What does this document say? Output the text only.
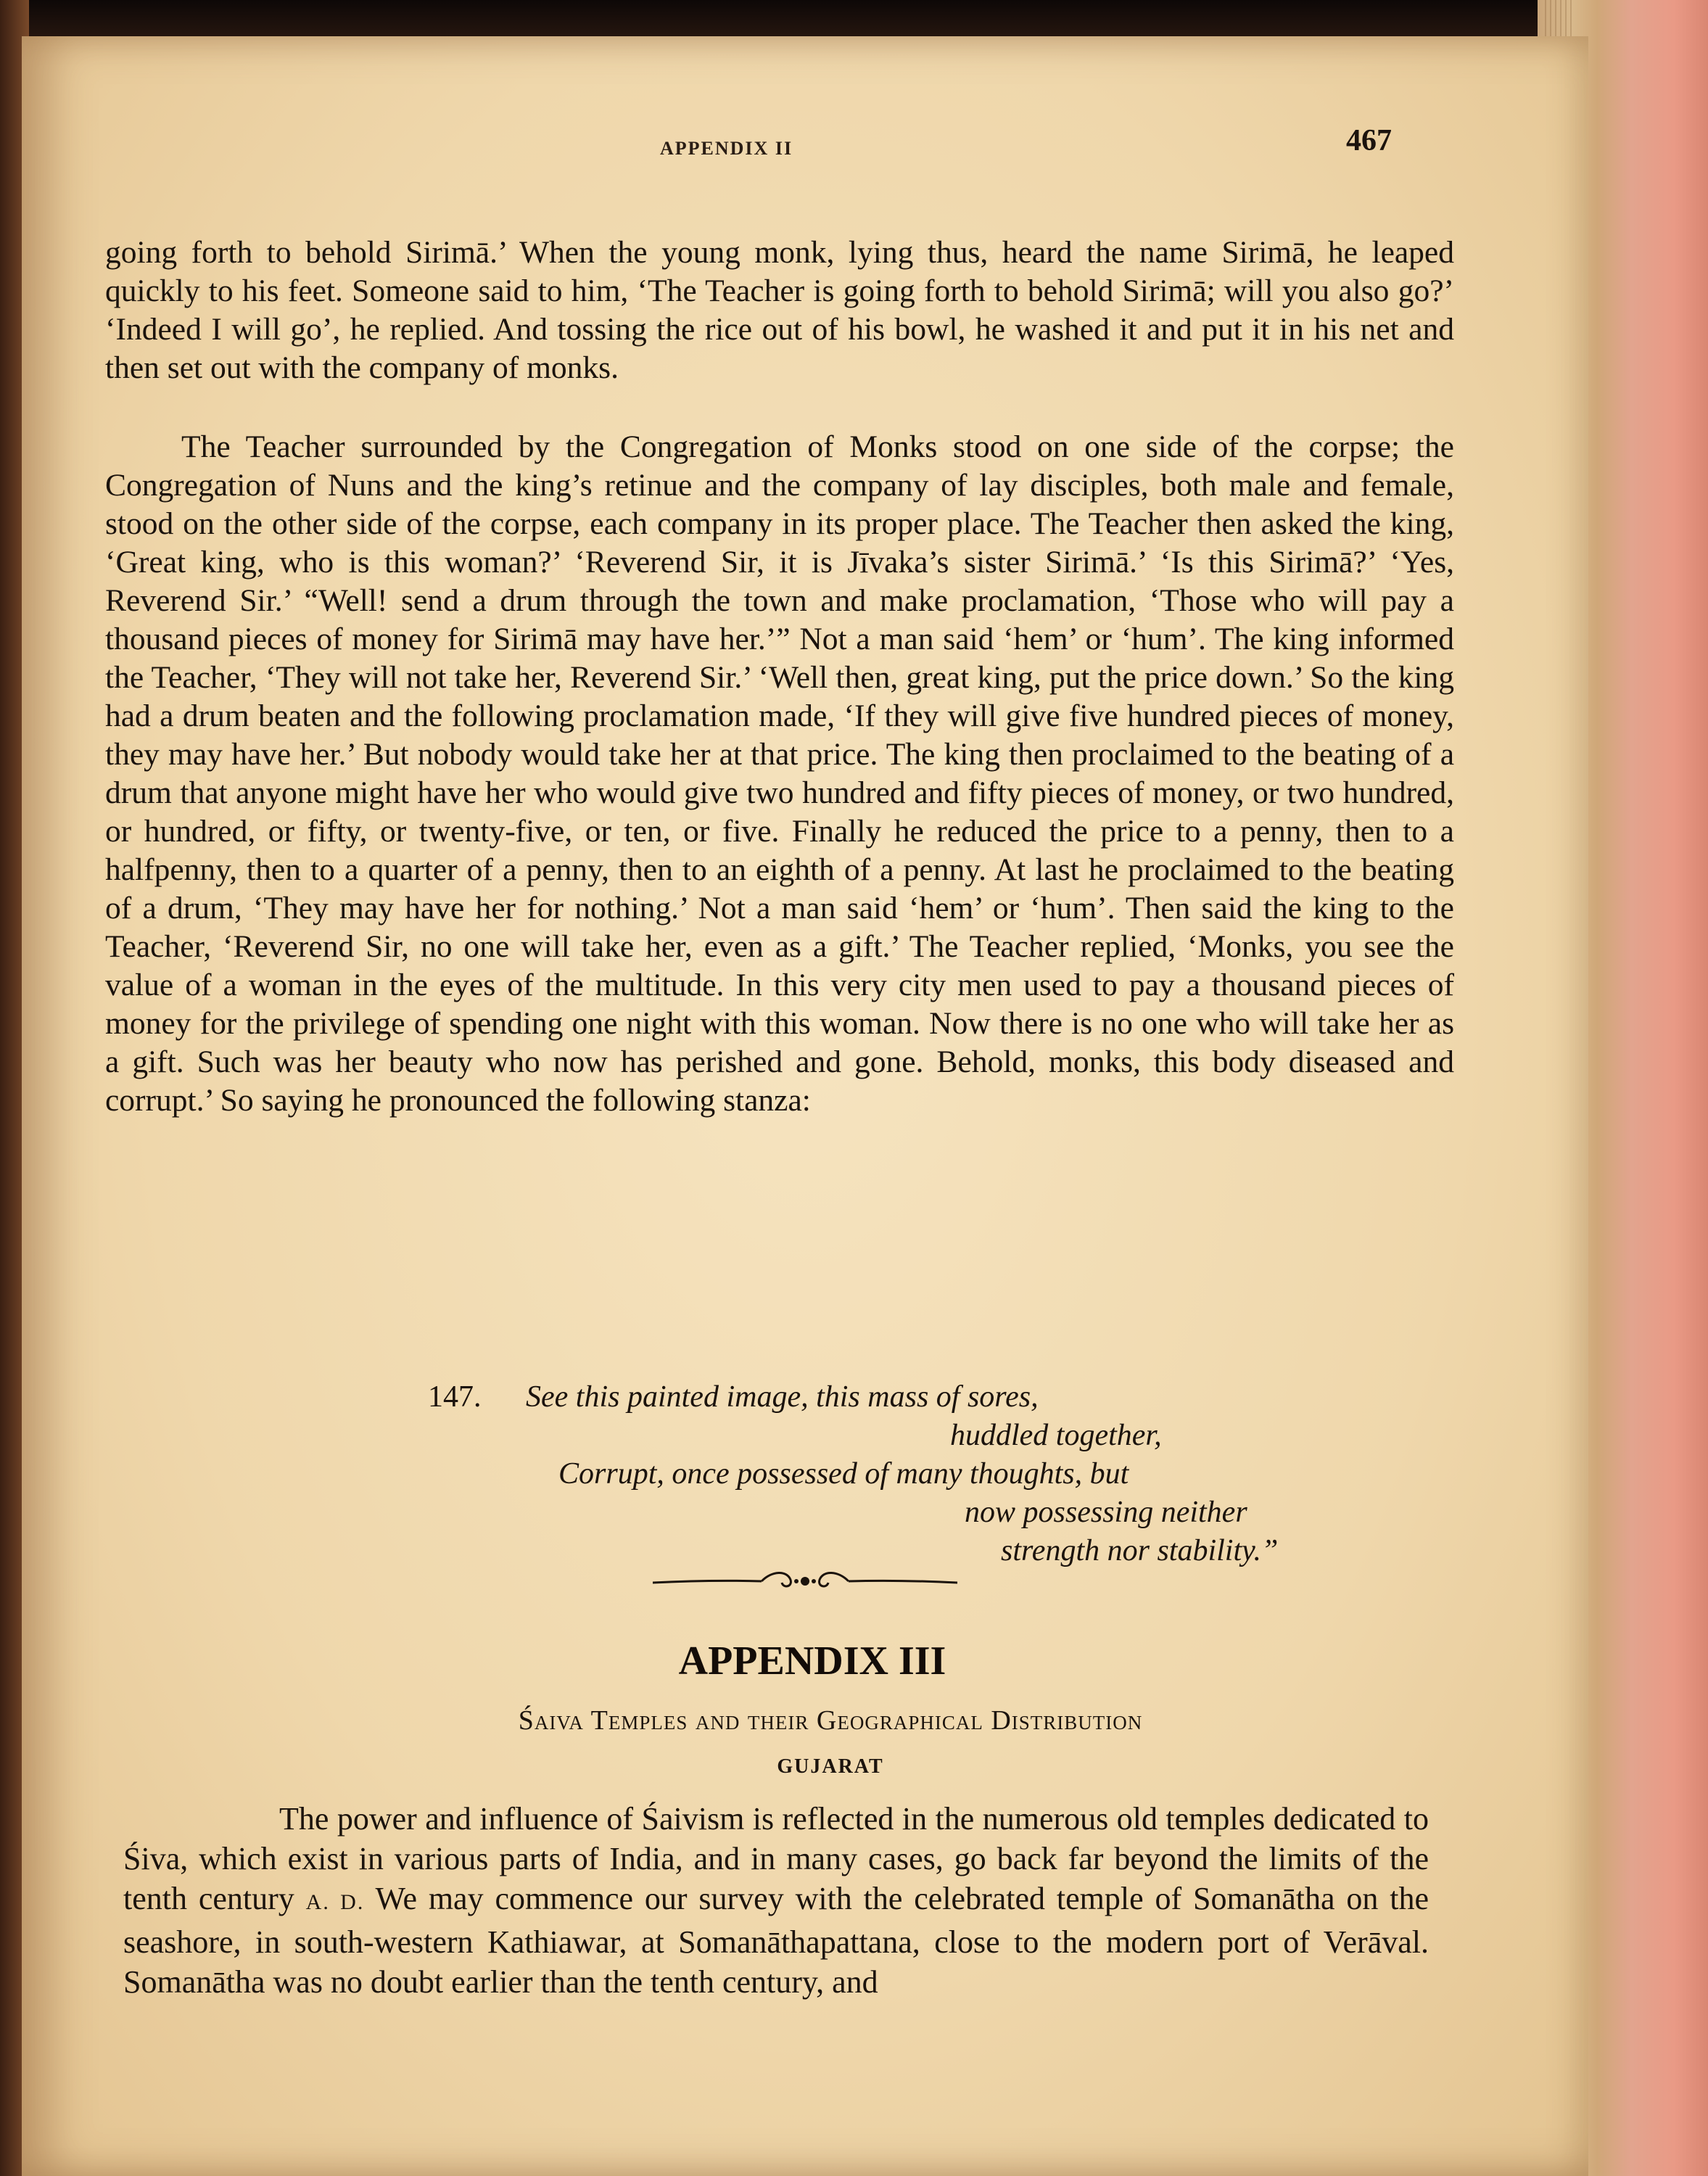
APPENDIX II	467

going forth to behold Sirimā.’ When the young monk, lying thus, heard the name Sirimā, he leaped quickly to his feet. Someone said to him, ‘The Teacher is going forth to behold Sirimā; will you also go?’ ‘Indeed I will go’, he replied. And tossing the rice out of his bowl, he washed it and put it in his net and then set out with the company of monks.

The Teacher surrounded by the Congregation of Monks stood on one side of the corpse; the Congregation of Nuns and the king’s retinue and the company of lay disciples, both male and female, stood on the other side of the corpse, each company in its proper place. The Teacher then asked the king, ‘Great king, who is this woman?’ ‘Reverend Sir, it is Jīvaka’s sister Sirimā.’ ‘Is this Sirimā?’ ‘Yes, Reverend Sir.’ “Well! send a drum through the town and make proclamation, ‘Those who will pay a thousand pieces of money for Sirimā may have her.’” Not a man said ‘hem’ or ‘hum’. The king informed the Teacher, ‘They will not take her, Reverend Sir.’ ‘Well then, great king, put the price down.’ So the king had a drum beaten and the following proclamation made, ‘If they will give five hundred pieces of money, they may have her.’ But nobody would take her at that price. The king then proclaimed to the beating of a drum that anyone might have her who would give two hundred and fifty pieces of money, or two hundred, or hundred, or fifty, or twenty-five, or ten, or five. Finally he reduced the price to a penny, then to a halfpenny, then to a quarter of a penny, then to an eighth of a penny. At last he proclaimed to the beating of a drum, ‘They may have her for nothing.’ Not a man said ‘hem’ or ‘hum’. Then said the king to the Teacher, ‘Reverend Sir, no one will take her, even as a gift.’ The Teacher replied, ‘Monks, you see the value of a woman in the eyes of the multitude. In this very city men used to pay a thousand pieces of money for the privilege of spending one night with this woman. Now there is no one who will take her as a gift. Such was her beauty who now has perished and gone. Behold, monks, this body diseased and corrupt.’ So saying he pronounced the following stanza:

147. See this painted image, this mass of sores,
huddled together,
Corrupt, once possessed of many thoughts, but
now possessing neither
strength nor stability.”
APPENDIX III
Śaiva Temples and their Geographical Distribution
GUJARAT

The power and influence of Śaivism is reflected in the numerous old temples dedicated to Śiva, which exist in various parts of India, and in many cases, go back far beyond the limits of the tenth century A. D. We may commence our survey with the celebrated temple of Somanātha on the seashore, in south-western Kathiawar, at Somanāthapattana, close to the modern port of Verāval. Somanātha was no doubt earlier than the tenth century, and
